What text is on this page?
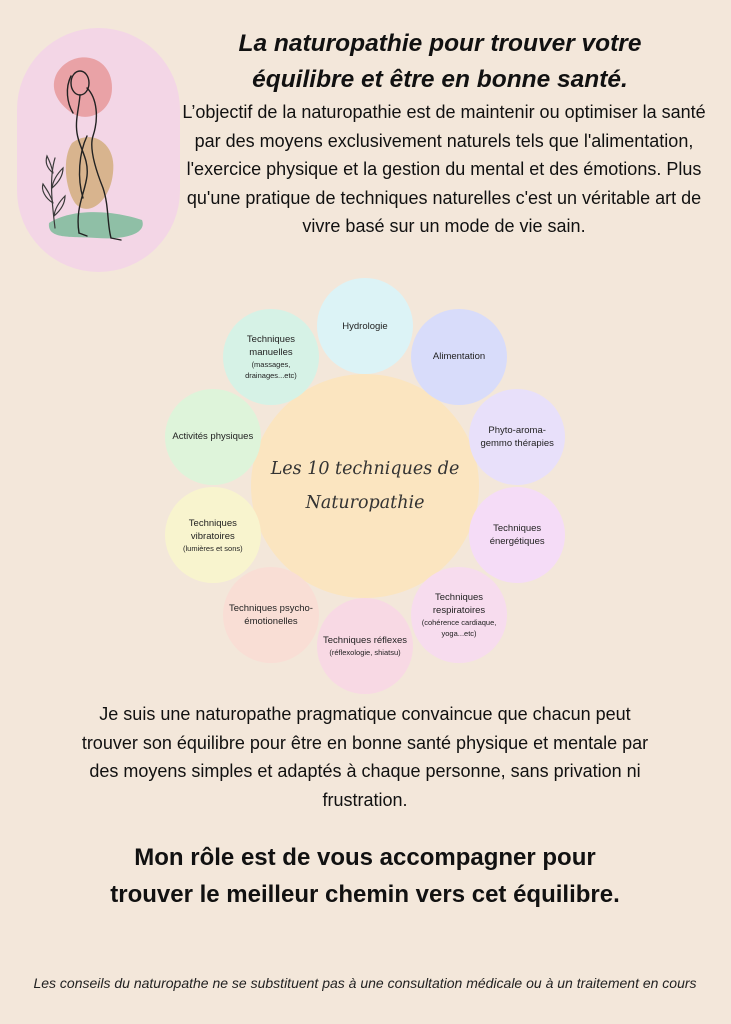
La naturopathie pour trouver votre
équilibre et être en bonne santé.

L’objectif de la naturopathie est de maintenir ou optimiser la santé par des moyens exclusivement naturels tels que l'alimentation, l'exercice physique et la gestion du mental et des émotions. Plus qu'une pratique de techniques naturelles c'est un véritable art de vivre basé sur un mode de vie sain.

Les 10 techniques de
Naturopathie
Hydrologie
Alimentation
Phyto-aroma-gemmo thérapies
Techniques énergétiques
Techniques respiratoires
(cohérence cardiaque, yoga...etc)
Techniques réflexes
(réflexologie, shiatsu)
Techniques psycho-émotionelles
Techniques vibratoires
(lumières et sons)
Activités physiques
Techniques manuelles
(massages, drainages...etc)

Je suis une naturopathe pragmatique convaincue que chacun peut trouver son équilibre pour être en bonne santé physique et mentale par des moyens simples et adaptés à chaque personne, sans privation ni frustration.

Mon rôle est de vous accompagner pour trouver le meilleur chemin vers cet équilibre.

Les conseils du naturopathe ne se substituent pas à une consultation médicale ou à un traitement en cours
